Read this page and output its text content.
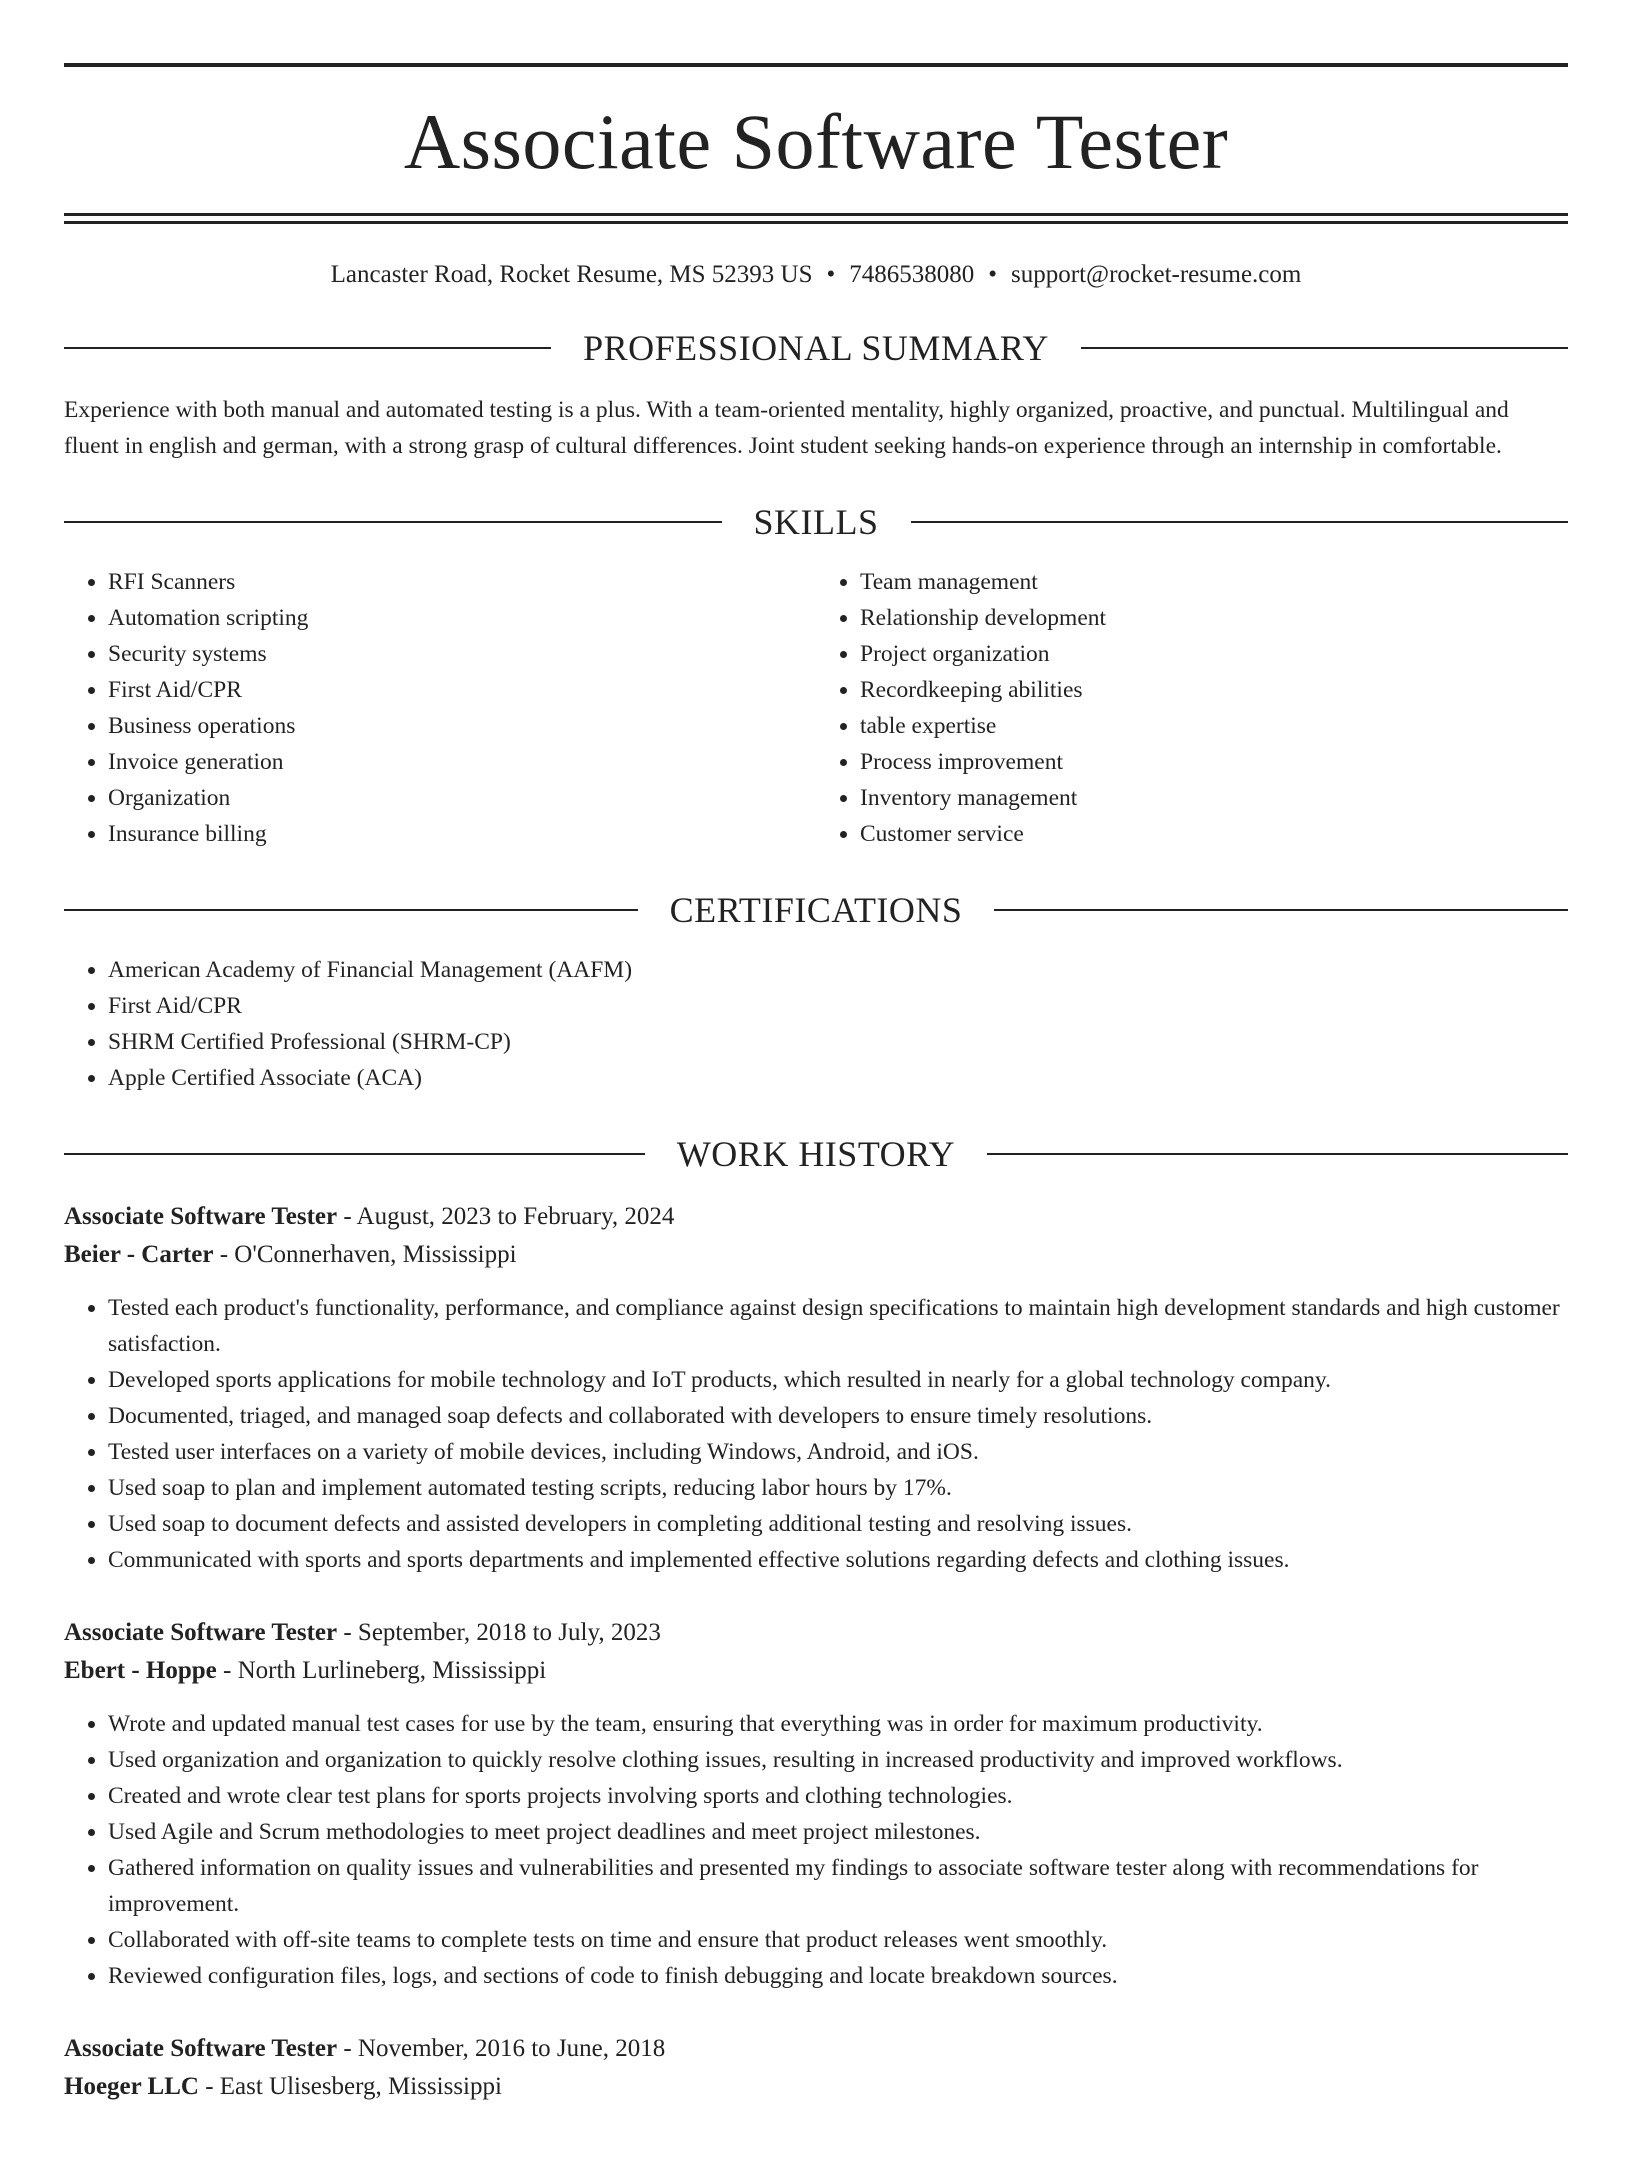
Associate Software Tester
Lancaster Road, Rocket Resume, MS 52393 US • 7486538080 • support@rocket-resume.com
PROFESSIONAL SUMMARY
Experience with both manual and automated testing is a plus. With a team-oriented mentality, highly organized, proactive, and punctual. Multilingual and fluent in english and german, with a strong grasp of cultural differences. Joint student seeking hands-on experience through an internship in comfortable.
SKILLS
• RFI Scanners
• Automation scripting
• Security systems
• First Aid/CPR
• Business operations
• Invoice generation
• Organization
• Insurance billing
• Team management
• Relationship development
• Project organization
• Recordkeeping abilities
• table expertise
• Process improvement
• Inventory management
• Customer service
CERTIFICATIONS
• American Academy of Financial Management (AAFM)
• First Aid/CPR
• SHRM Certified Professional (SHRM-CP)
• Apple Certified Associate (ACA)
WORK HISTORY
Associate Software Tester - August, 2023 to February, 2024
Beier - Carter - O'Connerhaven, Mississippi
• Tested each product's functionality, performance, and compliance against design specifications to maintain high development standards and high customer satisfaction.
• Developed sports applications for mobile technology and IoT products, which resulted in nearly for a global technology company.
• Documented, triaged, and managed soap defects and collaborated with developers to ensure timely resolutions.
• Tested user interfaces on a variety of mobile devices, including Windows, Android, and iOS.
• Used soap to plan and implement automated testing scripts, reducing labor hours by 17%.
• Used soap to document defects and assisted developers in completing additional testing and resolving issues.
• Communicated with sports and sports departments and implemented effective solutions regarding defects and clothing issues.
Associate Software Tester - September, 2018 to July, 2023
Ebert - Hoppe - North Lurlineberg, Mississippi
• Wrote and updated manual test cases for use by the team, ensuring that everything was in order for maximum productivity.
• Used organization and organization to quickly resolve clothing issues, resulting in increased productivity and improved workflows.
• Created and wrote clear test plans for sports projects involving sports and clothing technologies.
• Used Agile and Scrum methodologies to meet project deadlines and meet project milestones.
• Gathered information on quality issues and vulnerabilities and presented my findings to associate software tester along with recommendations for improvement.
• Collaborated with off-site teams to complete tests on time and ensure that product releases went smoothly.
• Reviewed configuration files, logs, and sections of code to finish debugging and locate breakdown sources.
Associate Software Tester - November, 2016 to June, 2018
Hoeger LLC - East Ulisesberg, Mississippi
